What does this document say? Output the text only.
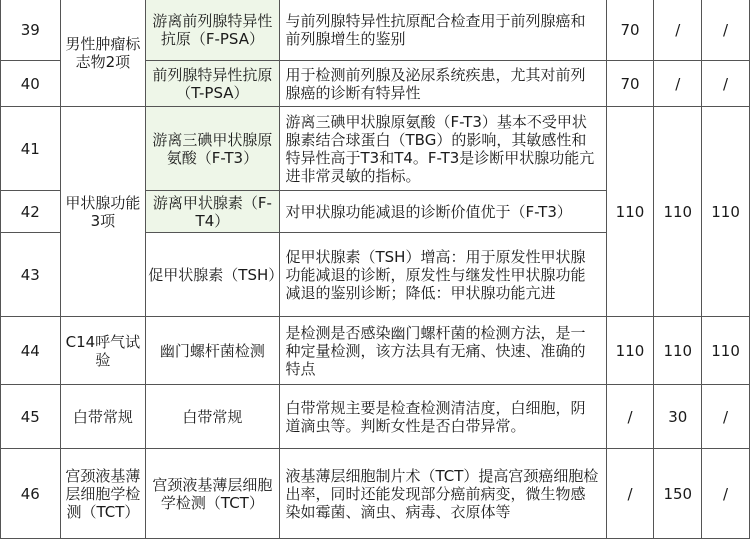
39	男性肿瘤标志物2项	游离前列腺特异性抗原（F-PSA）	与前列腺特异性抗原配合检查用于前列腺癌和前列腺增生的鉴别	70	/	/
40		前列腺特异性抗原（T-PSA）	用于检测前列腺及泌尿系统疾患，尤其对前列腺癌的诊断有特异性	70	/	/
41	甲状腺功能3项	游离三碘甲状腺原氨酸（F-T3）	游离三碘甲状腺原氨酸（F-T3）基本不受甲状腺素结合球蛋白（TBG）的影响，其敏感性和特异性高于T3和T4。F-T3是诊断甲状腺功能亢进非常灵敏的指标。	110	110	110
42		游离甲状腺素（F-T4）	对甲状腺功能减退的诊断价值优于（F-T3）			
43		促甲状腺素（TSH）	促甲状腺素（TSH）增高：用于原发性甲状腺功能减退的诊断，原发性与继发性甲状腺功能减退的鉴别诊断；降低：甲状腺功能亢进			
44	C14呼气试验	幽门螺杆菌检测	是检测是否感染幽门螺杆菌的检测方法，是一种定量检测，该方法具有无痛、快速、准确的特点	110	110	110
45	白带常规	白带常规	白带常规主要是检查检测清洁度，白细胞，阴道滴虫等。判断女性是否白带异常。	/	30	/
46	宫颈液基薄层细胞学检测（TCT）	宫颈液基薄层细胞学检测（TCT）	液基薄层细胞制片术（TCT）提高宫颈癌细胞检出率，同时还能发现部分癌前病变，微生物感染如霉菌、滴虫、病毒、衣原体等	/	150	/
